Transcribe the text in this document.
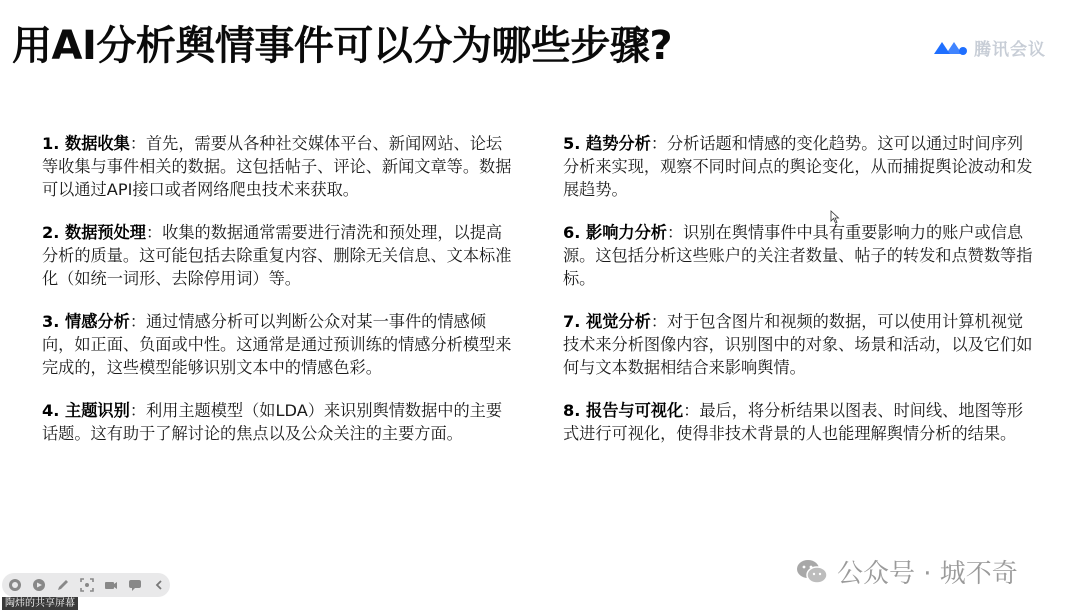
用AI分析舆情事件可以分为哪些步骤?	腾讯会议

1. 数据收集：首先，需要从各种社交媒体平台、新闻网站、论坛等收集与事件相关的数据。这包括帖子、评论、新闻文章等。数据可以通过API接口或者网络爬虫技术来获取。

2. 数据预处理：收集的数据通常需要进行清洗和预处理，以提高分析的质量。这可能包括去除重复内容、删除无关信息、文本标准化（如统一词形、去除停用词）等。

3. 情感分析：通过情感分析可以判断公众对某一事件的情感倾向，如正面、负面或中性。这通常是通过预训练的情感分析模型来完成的，这些模型能够识别文本中的情感色彩。

4. 主题识别：利用主题模型（如LDA）来识别舆情数据中的主要话题。这有助于了解讨论的焦点以及公众关注的主要方面。

5. 趋势分析：分析话题和情感的变化趋势。这可以通过时间序列分析来实现，观察不同时间点的舆论变化，从而捕捉舆论波动和发展趋势。

6. 影响力分析：识别在舆情事件中具有重要影响力的账户或信息源。这包括分析这些账户的关注者数量、帖子的转发和点赞数等指标。

7. 视觉分析：对于包含图片和视频的数据，可以使用计算机视觉技术来分析图像内容，识别图中的对象、场景和活动，以及它们如何与文本数据相结合来影响舆情。

8. 报告与可视化：最后，将分析结果以图表、时间线、地图等形式进行可视化，使得非技术背景的人也能理解舆情分析的结果。

公众号 · 城不奇
陶炜的共享屏幕
